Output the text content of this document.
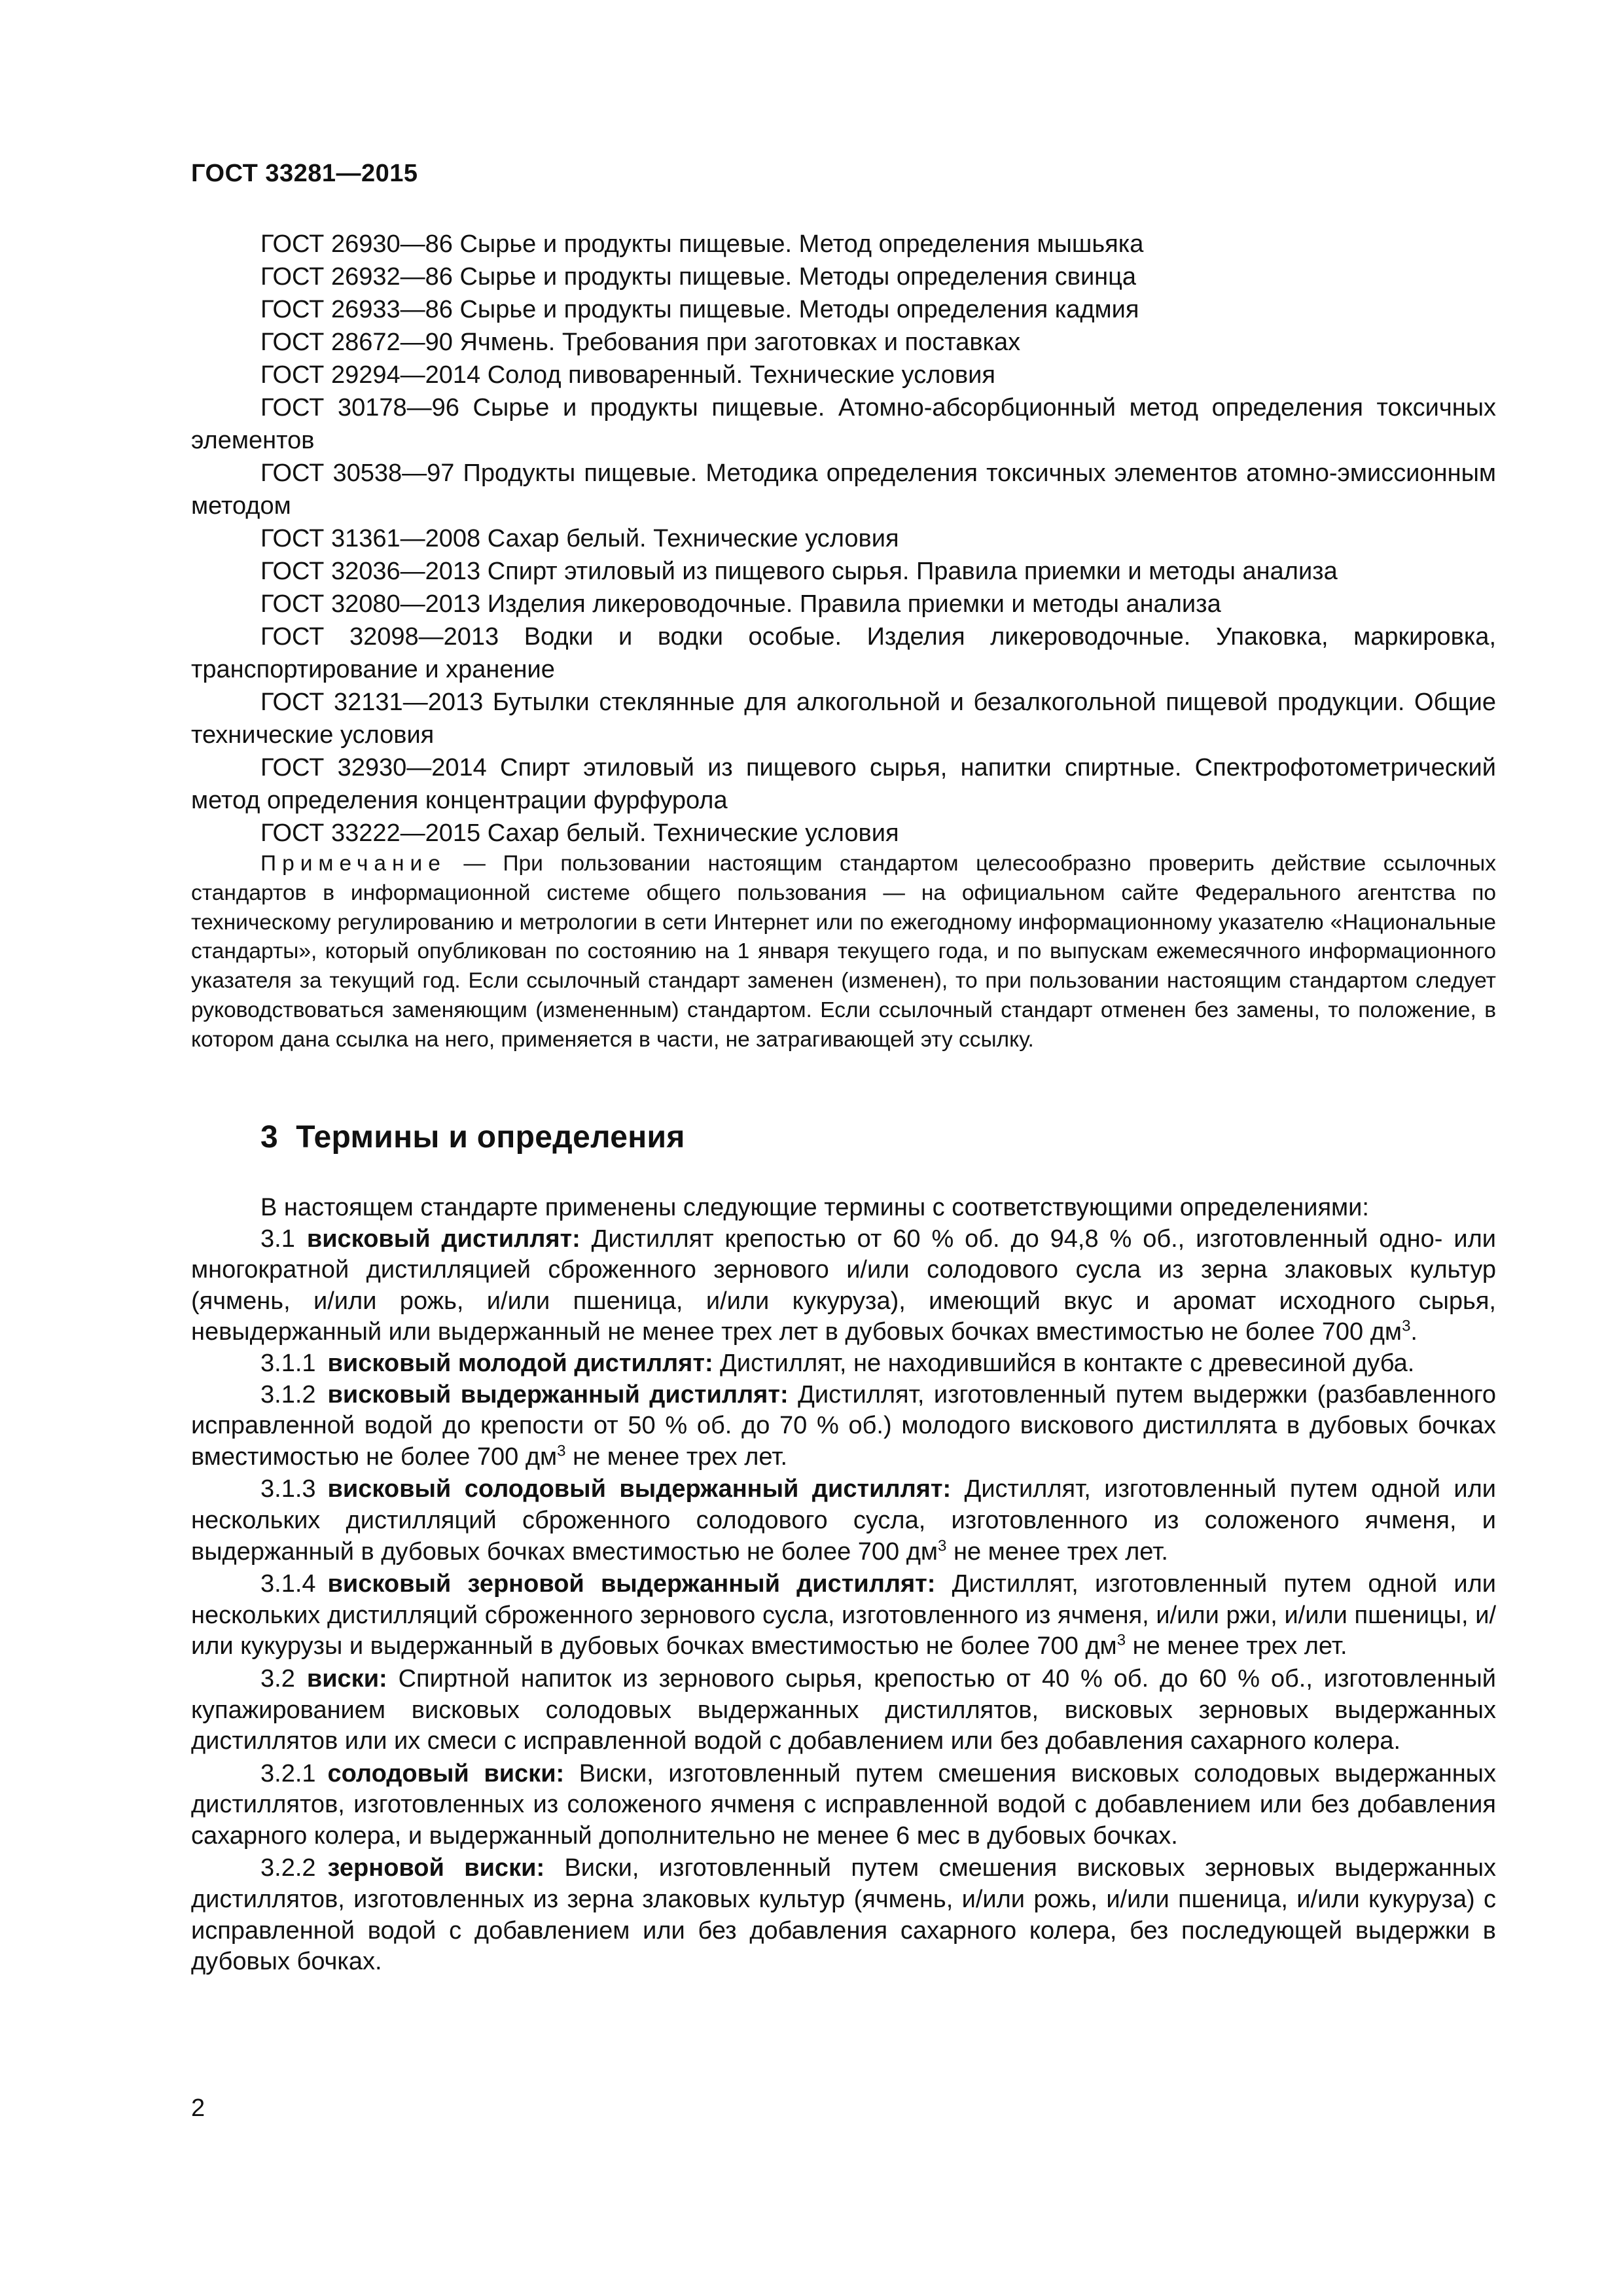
ГОСТ 33281—2015

ГОСТ 26930—86 Сырье и продукты пищевые. Метод определения мышьяка

ГОСТ 26932—86 Сырье и продукты пищевые. Методы определения свинца

ГОСТ 26933—86 Сырье и продукты пищевые. Методы определения кадмия

ГОСТ 28672—90 Ячмень. Требования при заготовках и поставках

ГОСТ 29294—2014 Солод пивоваренный. Технические условия

ГОСТ 30178—96 Сырье и продукты пищевые. Атомно-абсорбционный метод определения токсичных элементов

ГОСТ 30538—97 Продукты пищевые. Методика определения токсичных элементов атомно-эмиссионным методом

ГОСТ 31361—2008 Сахар белый. Технические условия

ГОСТ 32036—2013 Спирт этиловый из пищевого сырья. Правила приемки и методы анализа

ГОСТ 32080—2013 Изделия ликероводочные. Правила приемки и методы анализа

ГОСТ 32098—2013 Водки и водки особые. Изделия ликероводочные. Упаковка, маркировка, транспортирование и хранение

ГОСТ 32131—2013 Бутылки стеклянные для алкогольной и безалкогольной пищевой продукции. Общие технические условия

ГОСТ 32930—2014 Спирт этиловый из пищевого сырья, напитки спиртные. Спектрофотометрический метод определения концентрации фурфурола

ГОСТ 33222—2015 Сахар белый. Технические условия

Примечание — При пользовании настоящим стандартом целесообразно проверить действие ссылочных стандартов в информационной системе общего пользования — на официальном сайте Федерального агентства по техническому регулированию и метрологии в сети Интернет или по ежегодному информационному указателю «Национальные стандарты», который опубликован по состоянию на 1 января текущего года, и по выпускам ежемесячного информационного указателя за текущий год. Если ссылочный стандарт заменен (изменен), то при пользовании настоящим стандартом следует руководствоваться заменяющим (измененным) стандартом. Если ссылочный стандарт отменен без замены, то положение, в котором дана ссылка на него, применяется в части, не затрагивающей эту ссылку.
3 Термины и определения

В настоящем стандарте применены следующие термины с соответствующими определениями:

3.1 висковый дистиллят: Дистиллят крепостью от 60 % об. до 94,8 % об., изготовленный одно- или многократной дистилляцией сброженного зернового и/или солодового сусла из зерна злаковых культур (ячмень, и/или рожь, и/или пшеница, и/или кукуруза), имеющий вкус и аромат исходного сырья, невыдержанный или выдержанный не менее трех лет в дубовых бочках вместимостью не более 700 $дм^3$.

3.1.1 висковый молодой дистиллят: Дистиллят, не находившийся в контакте с древесиной дуба.

3.1.2 висковый выдержанный дистиллят: Дистиллят, изготовленный путем выдержки (разбавленного исправленной водой до крепости от 50 % об. до 70 % об.) молодого вискового дистиллята в дубовых бочках вместимостью не более 700 $дм^3$ не менее трех лет.

3.1.3 висковый солодовый выдержанный дистиллят: Дистиллят, изготовленный путем одной или нескольких дистилляций сброженного солодового сусла, изготовленного из соложеного ячменя, и выдержанный в дубовых бочках вместимостью не более 700 $дм^3$ не менее трех лет.

3.1.4 висковый зерновой выдержанный дистиллят: Дистиллят, изготовленный путем одной или нескольких дистилляций сброженного зернового сусла, изготовленного из ячменя, и/или ржи, и/или пшеницы, и/или кукурузы и выдержанный в дубовых бочках вместимостью не более 700 $дм^3$ не менее трех лет.

3.2 виски: Спиртной напиток из зернового сырья, крепостью от 40 % об. до 60 % об., изготовленный купажированием висковых солодовых выдержанных дистиллятов, висковых зерновых выдержанных дистиллятов или их смеси с исправленной водой с добавлением или без добавления сахарного колера.

3.2.1 солодовый виски: Виски, изготовленный путем смешения висковых солодовых выдержанных дистиллятов, изготовленных из соложеного ячменя с исправленной водой с добавлением или без добавления сахарного колера, и выдержанный дополнительно не менее 6 мес в дубовых бочках.

3.2.2 зерновой виски: Виски, изготовленный путем смешения висковых зерновых выдержанных дистиллятов, изготовленных из зерна злаковых культур (ячмень, и/или рожь, и/или пшеница, и/или кукуруза) с исправленной водой с добавлением или без добавления сахарного колера, без последующей выдержки в дубовых бочках.

2
